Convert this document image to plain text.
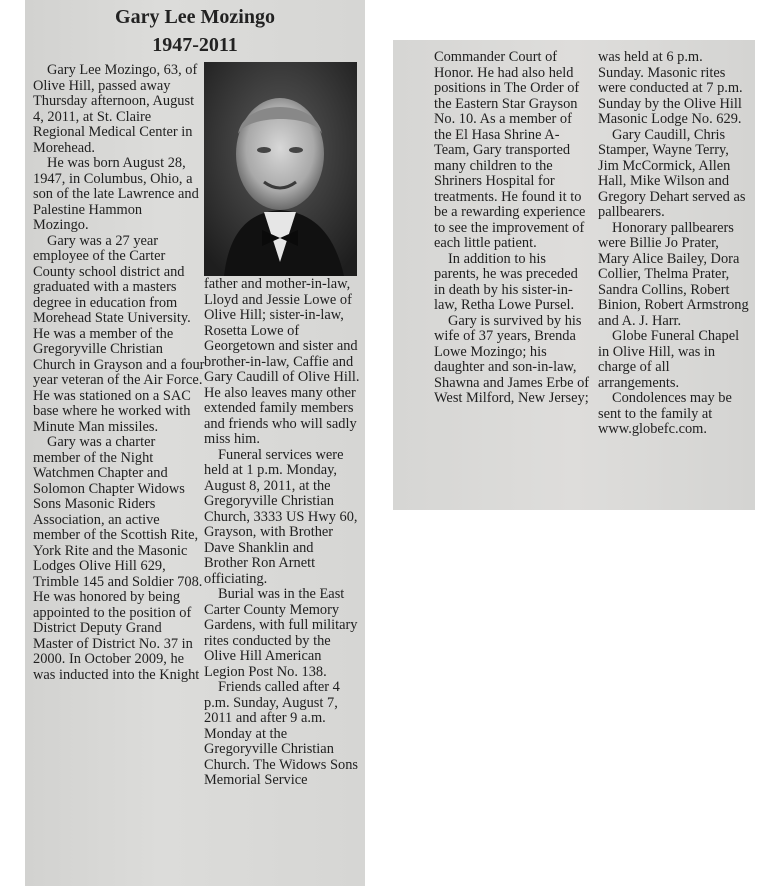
Gary Lee Mozingo
1947-2011

Gary Lee Mozingo, 63, of Olive Hill, passed away Thursday afternoon, August 4, 2011, at St. Claire Regional Medical Center in Morehead.

He was born August 28, 1947, in Columbus, Ohio, a son of the late Lawrence and Palestine Hammon Mozingo.

Gary was a 27 year employee of the Carter County school district and graduated with a masters degree in education from Morehead State University. He was a member of the Gregoryville Christian Church in Grayson and a four year veteran of the Air Force. He was stationed on a SAC base where he worked with Minute Man missiles.

Gary was a charter member of the Night Watchmen Chapter and Solomon Chapter Widows Sons Masonic Riders Association, an active member of the Scottish Rite, York Rite and the Masonic Lodges Olive Hill 629, Trimble 145 and Soldier 708. He was honored by being appointed to the position of District Deputy Grand Master of District No. 37 in 2000. In October 2009, he was inducted into the Knight

father and mother-in-law, Lloyd and Jessie Lowe of Olive Hill; sister-in-law, Rosetta Lowe of Georgetown and sister and brother-in-law, Caffie and Gary Caudill of Olive Hill. He also leaves many other extended family members and friends who will sadly miss him.

Funeral services were held at 1 p.m. Monday, August 8, 2011, at the Gregoryville Christian Church, 3333 US Hwy 60, Grayson, with Brother Dave Shanklin and Brother Ron Arnett officiating.

Burial was in the East Carter County Memory Gardens, with full military rites conducted by the Olive Hill American Legion Post No. 138.

Friends called after 4 p.m. Sunday, August 7, 2011 and after 9 a.m. Monday at the Gregoryville Christian Church. The Widows Sons Memorial Service

Commander Court of Honor. He had also held positions in The Order of the Eastern Star Grayson No. 10. As a member of the El Hasa Shrine A-Team, Gary transported many children to the Shriners Hospital for treatments. He found it to be a rewarding experience to see the improvement of each little patient.

In addition to his parents, he was preceded in death by his sister-in-law, Retha Lowe Pursel.

Gary is survived by his wife of 37 years, Brenda Lowe Mozingo; his daughter and son-in-law, Shawna and James Erbe of West Milford, New Jersey;

was held at 6 p.m. Sunday. Masonic rites were conducted at 7 p.m. Sunday by the Olive Hill Masonic Lodge No. 629.

Gary Caudill, Chris Stamper, Wayne Terry, Jim McCormick, Allen Hall, Mike Wilson and Gregory Dehart served as pallbearers.

Honorary pallbearers were Billie Jo Prater, Mary Alice Bailey, Dora Collier, Thelma Prater, Sandra Collins, Robert Binion, Robert Armstrong and A. J. Harr.

Globe Funeral Chapel in Olive Hill, was in charge of all arrangements.

Condolences may be sent to the family at www.globefc.com.
